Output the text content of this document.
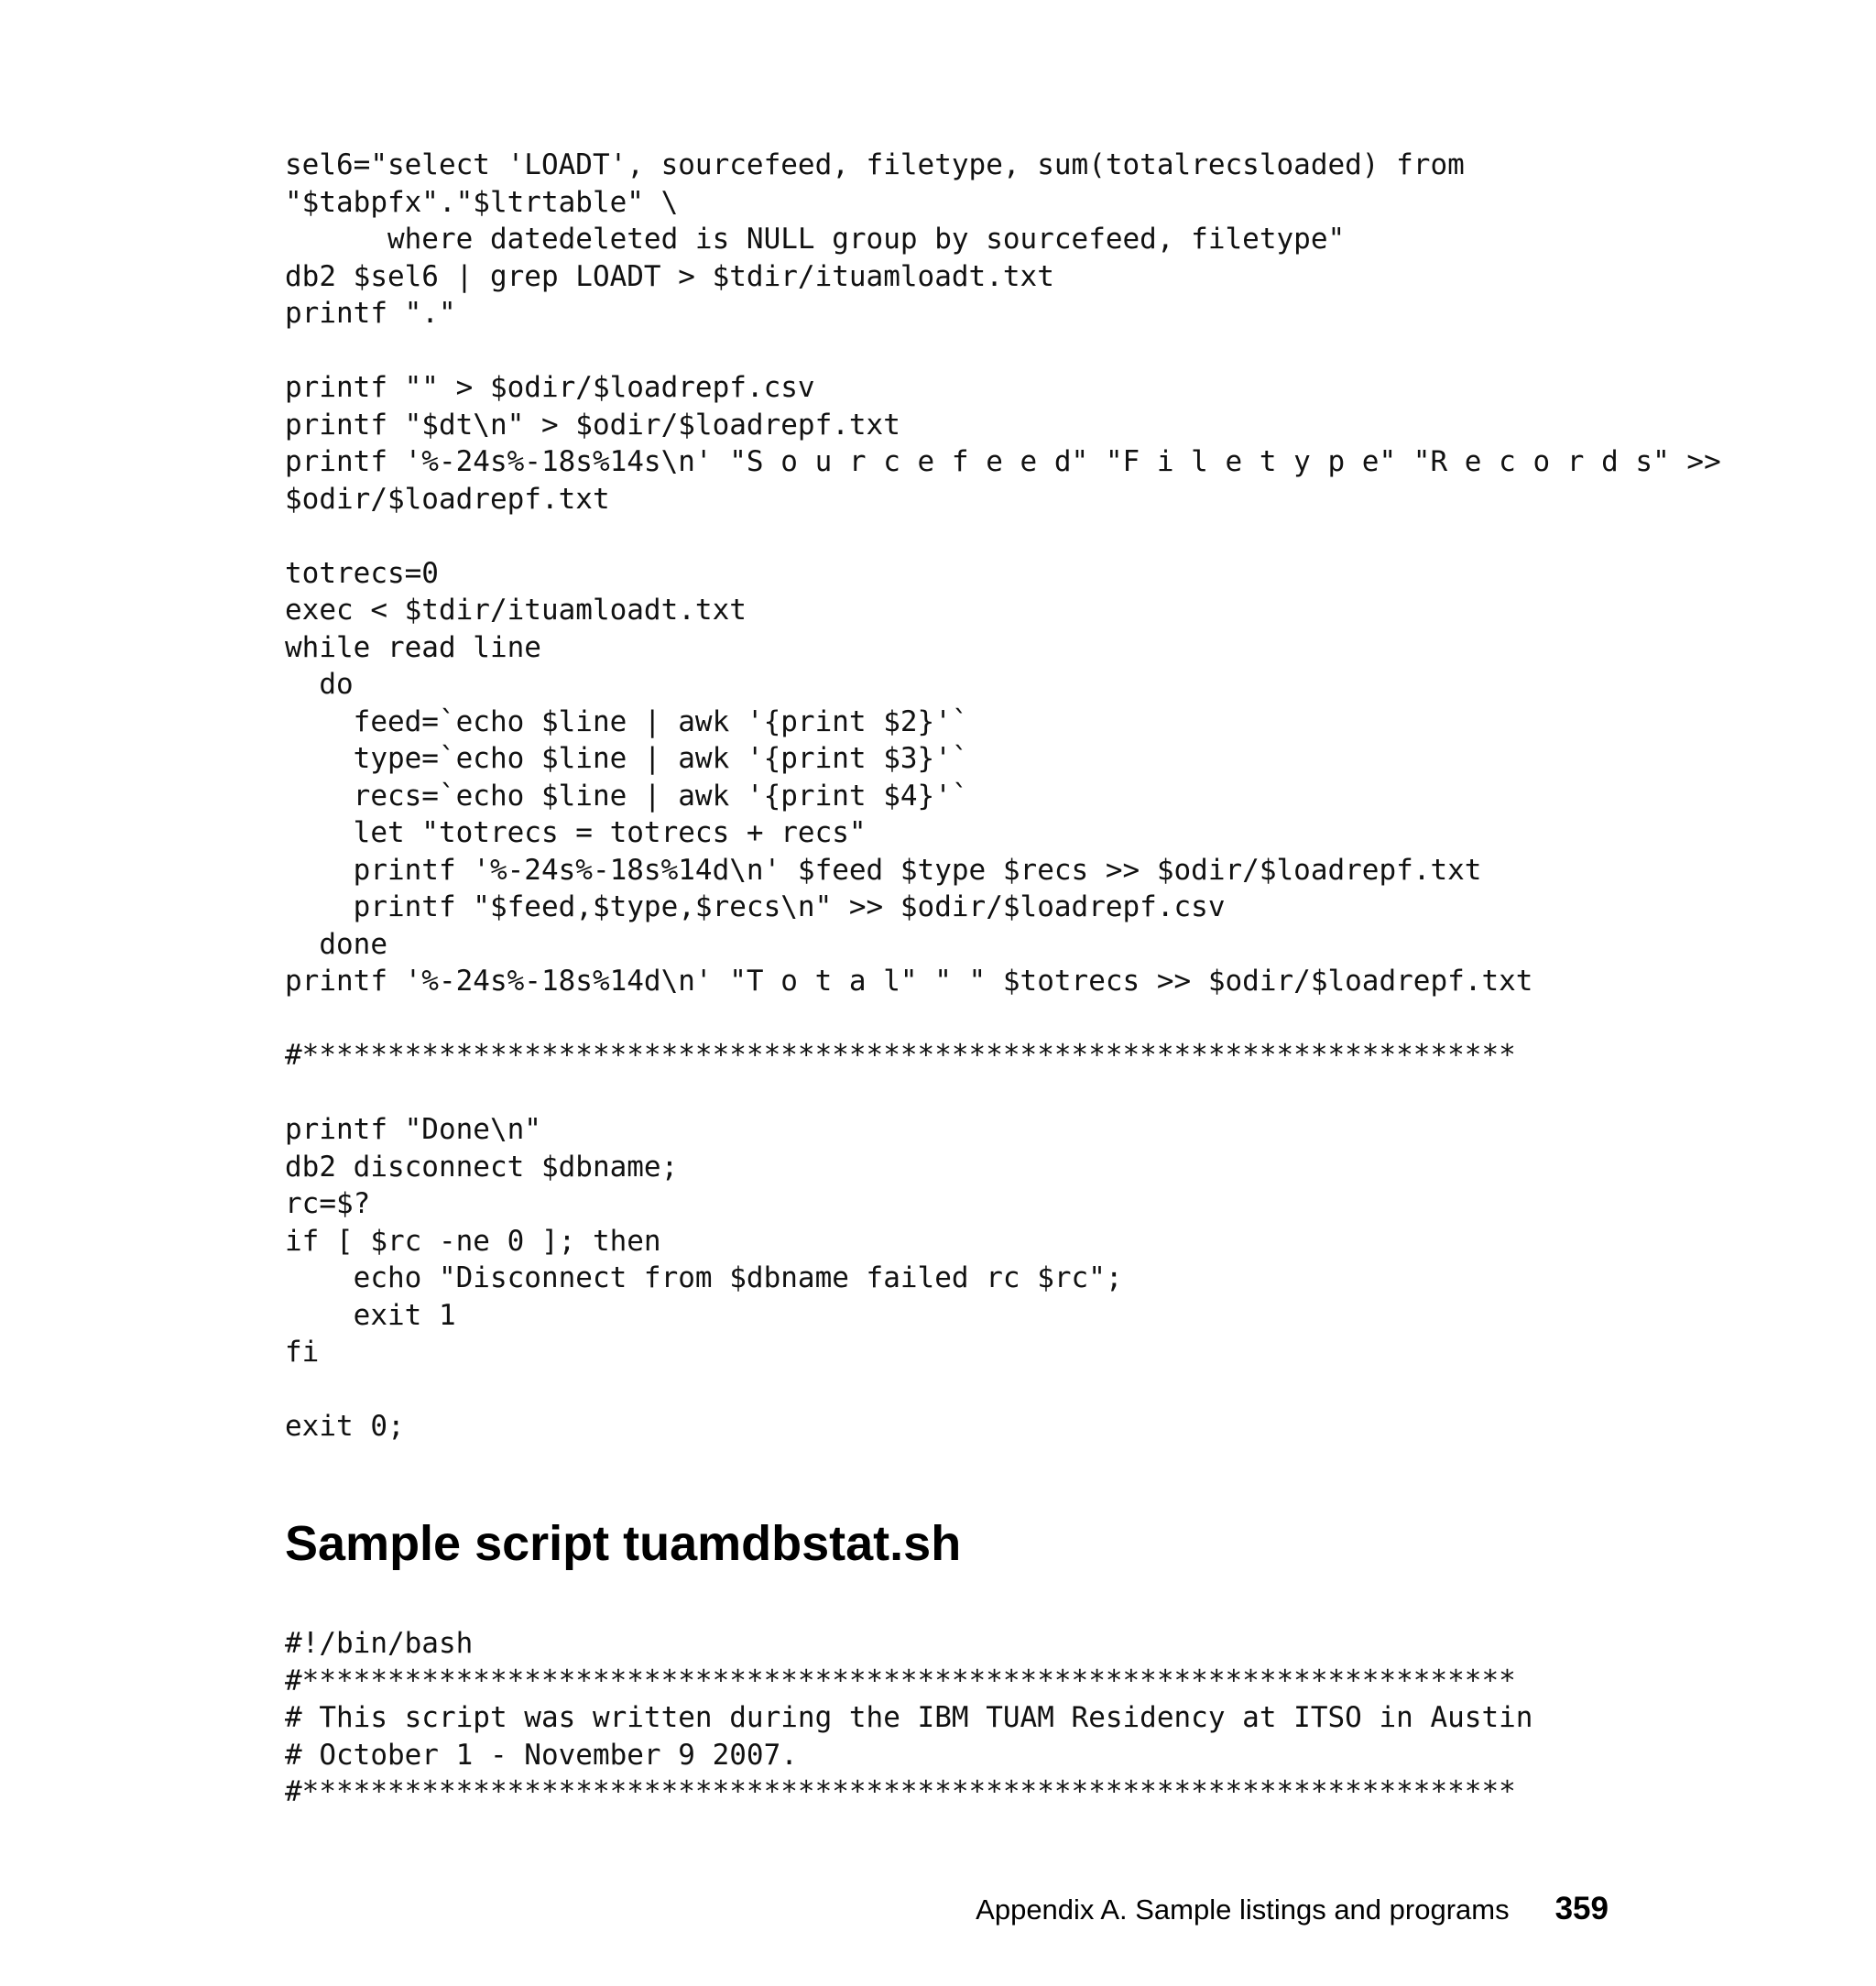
sel6="select 'LOADT', sourcefeed, filetype, sum(totalrecsloaded) from
"$tabpfx"."$ltrtable" \
where datedeleted is NULL group by sourcefeed, filetype"
db2 $sel6 | grep LOADT > $tdir/ituamloadt.txt
printf "."

printf "" > $odir/$loadrepf.csv
printf "$dt\n" > $odir/$loadrepf.txt
printf '%-24s%-18s%14s\n' "S o u r c e f e e d" "F i l e t y p e" "R e c o r d s" >>
$odir/$loadrepf.txt

totrecs=0
exec < $tdir/ituamloadt.txt
while read line
do
feed=`echo $line | awk '{print $2}'`
type=`echo $line | awk '{print $3}'`
recs=`echo $line | awk '{print $4}'`
let "totrecs = totrecs + recs"
printf '%-24s%-18s%14d\n' $feed $type $recs >> $odir/$loadrepf.txt
printf "$feed,$type,$recs\n" >> $odir/$loadrepf.csv
done
printf '%-24s%-18s%14d\n' "T o t a l" " " $totrecs >> $odir/$loadrepf.txt

#***********************************************************************

printf "Done\n"
db2 disconnect $dbname;
rc=$?
if [ $rc -ne 0 ]; then
echo "Disconnect from $dbname failed rc $rc";
exit 1
fi

exit 0;
Sample script tuamdbstat.sh
#!/bin/bash
#***********************************************************************
# This script was written during the IBM TUAM Residency at ITSO in Austin
# October 1 - November 9 2007.
#***********************************************************************
Appendix A. Sample listings and programs 359
